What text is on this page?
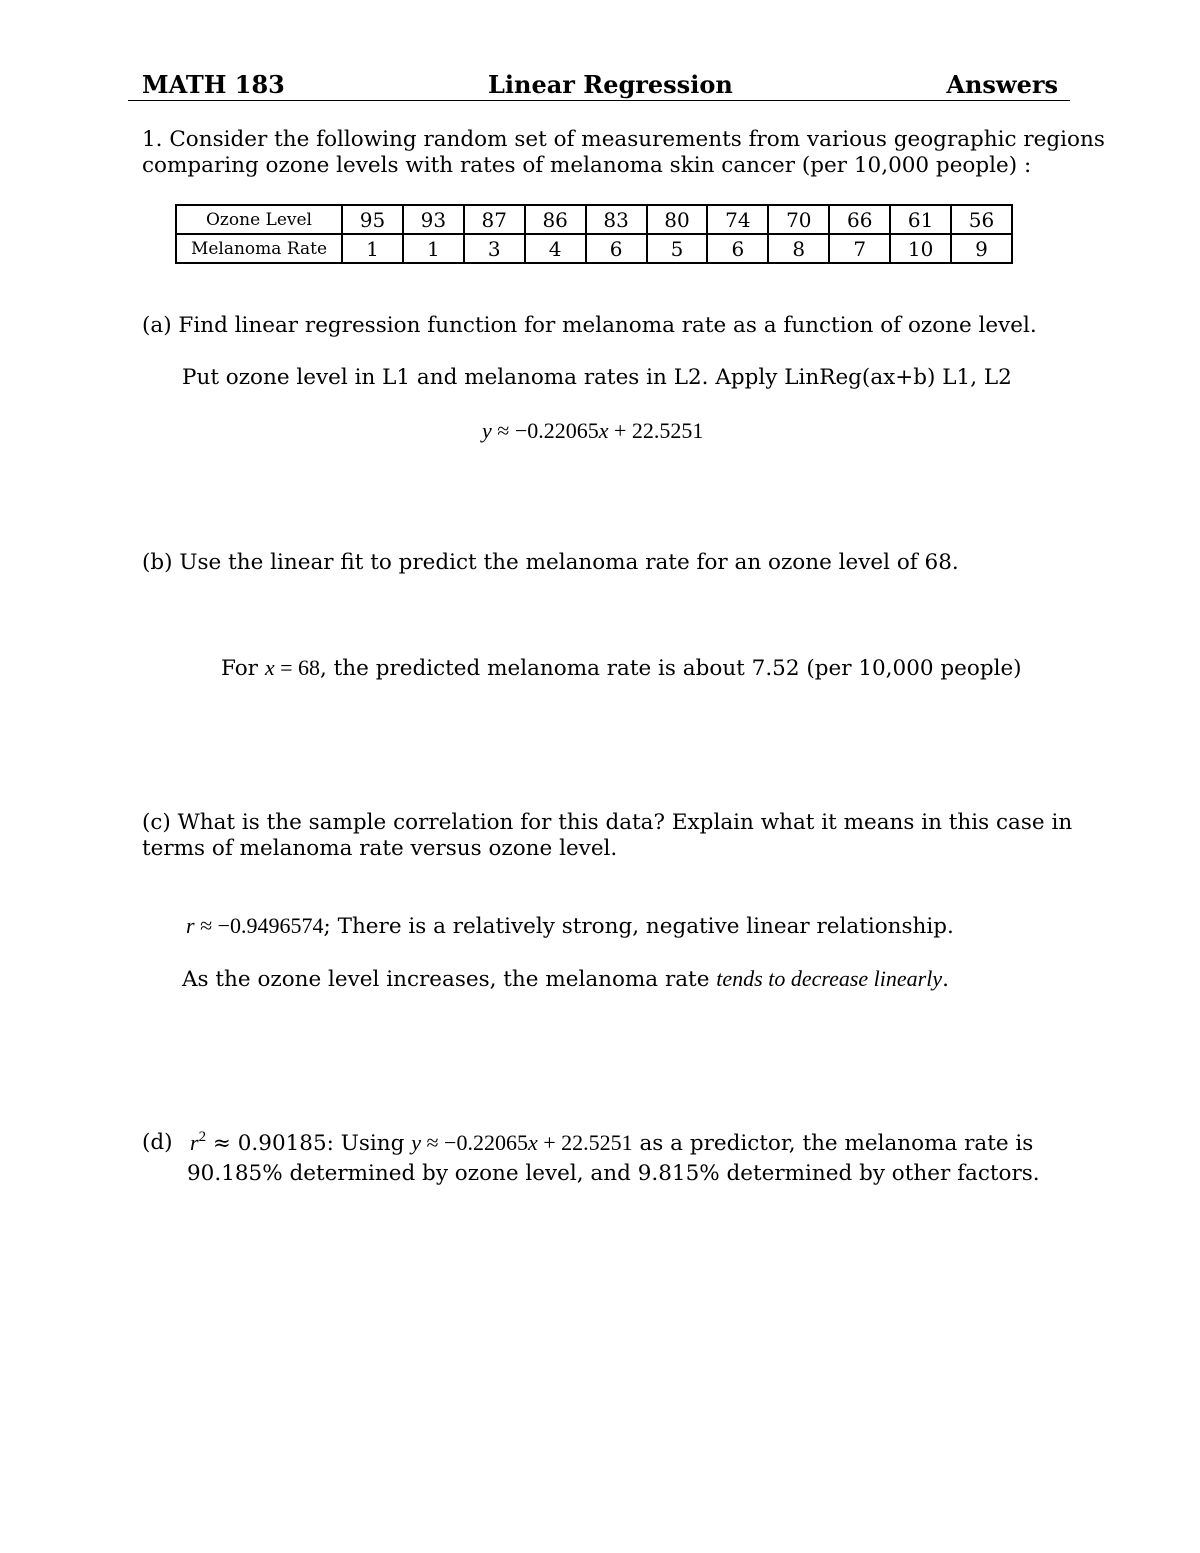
MATH 183	Linear Regression	Answers
1. Consider the following random set of measurements from various geographic regions
comparing ozone levels with rates of melanoma skin cancer (per 10,000 people) :
Ozone Level	95	93	87	86	83	80	74	70	66	61	56
Melanoma Rate	1	1	3	4	6	5	6	8	7	10	9
(a) Find linear regression function for melanoma rate as a function of ozone level.
Put ozone level in L1 and melanoma rates in L2. Apply LinReg(ax+b) L1, L2
y ≈ −0.22065x + 22.5251
(b) Use the linear fit to predict the melanoma rate for an ozone level of 68.
For x = 68, the predicted melanoma rate is about 7.52 (per 10,000 people)
(c) What is the sample correlation for this data? Explain what it means in this case in
terms of melanoma rate versus ozone level.
r ≈ −0.9496574; There is a relatively strong, negative linear relationship.
As the ozone level increases, the melanoma rate tends to decrease linearly.
(d) $r^2 \approx 0.90185$: Using y ≈ −0.22065x + 22.5251 as a predictor, the melanoma rate is
90.185% determined by ozone level, and 9.815% determined by other factors.
